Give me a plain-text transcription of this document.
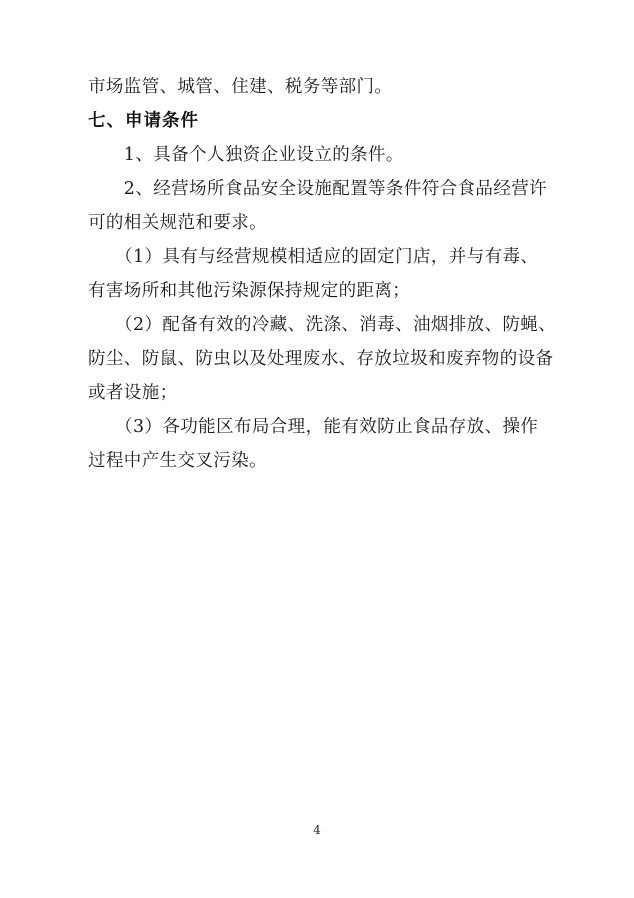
市场监管、城管、住建、税务等部门。
七、申请条件
　　1、具备个人独资企业设立的条件。
　　2、经营场所食品安全设施配置等条件符合食品经营许
可的相关规范和要求。
　　（1）具有与经营规模相适应的固定门店，并与有毒、
有害场所和其他污染源保持规定的距离；
　　（2）配备有效的冷藏、洗涤、消毒、油烟排放、防蝇、
防尘、防鼠、防虫以及处理废水、存放垃圾和废弃物的设备
或者设施；
　　（3）各功能区布局合理，能有效防止食品存放、操作
过程中产生交叉污染。
4
